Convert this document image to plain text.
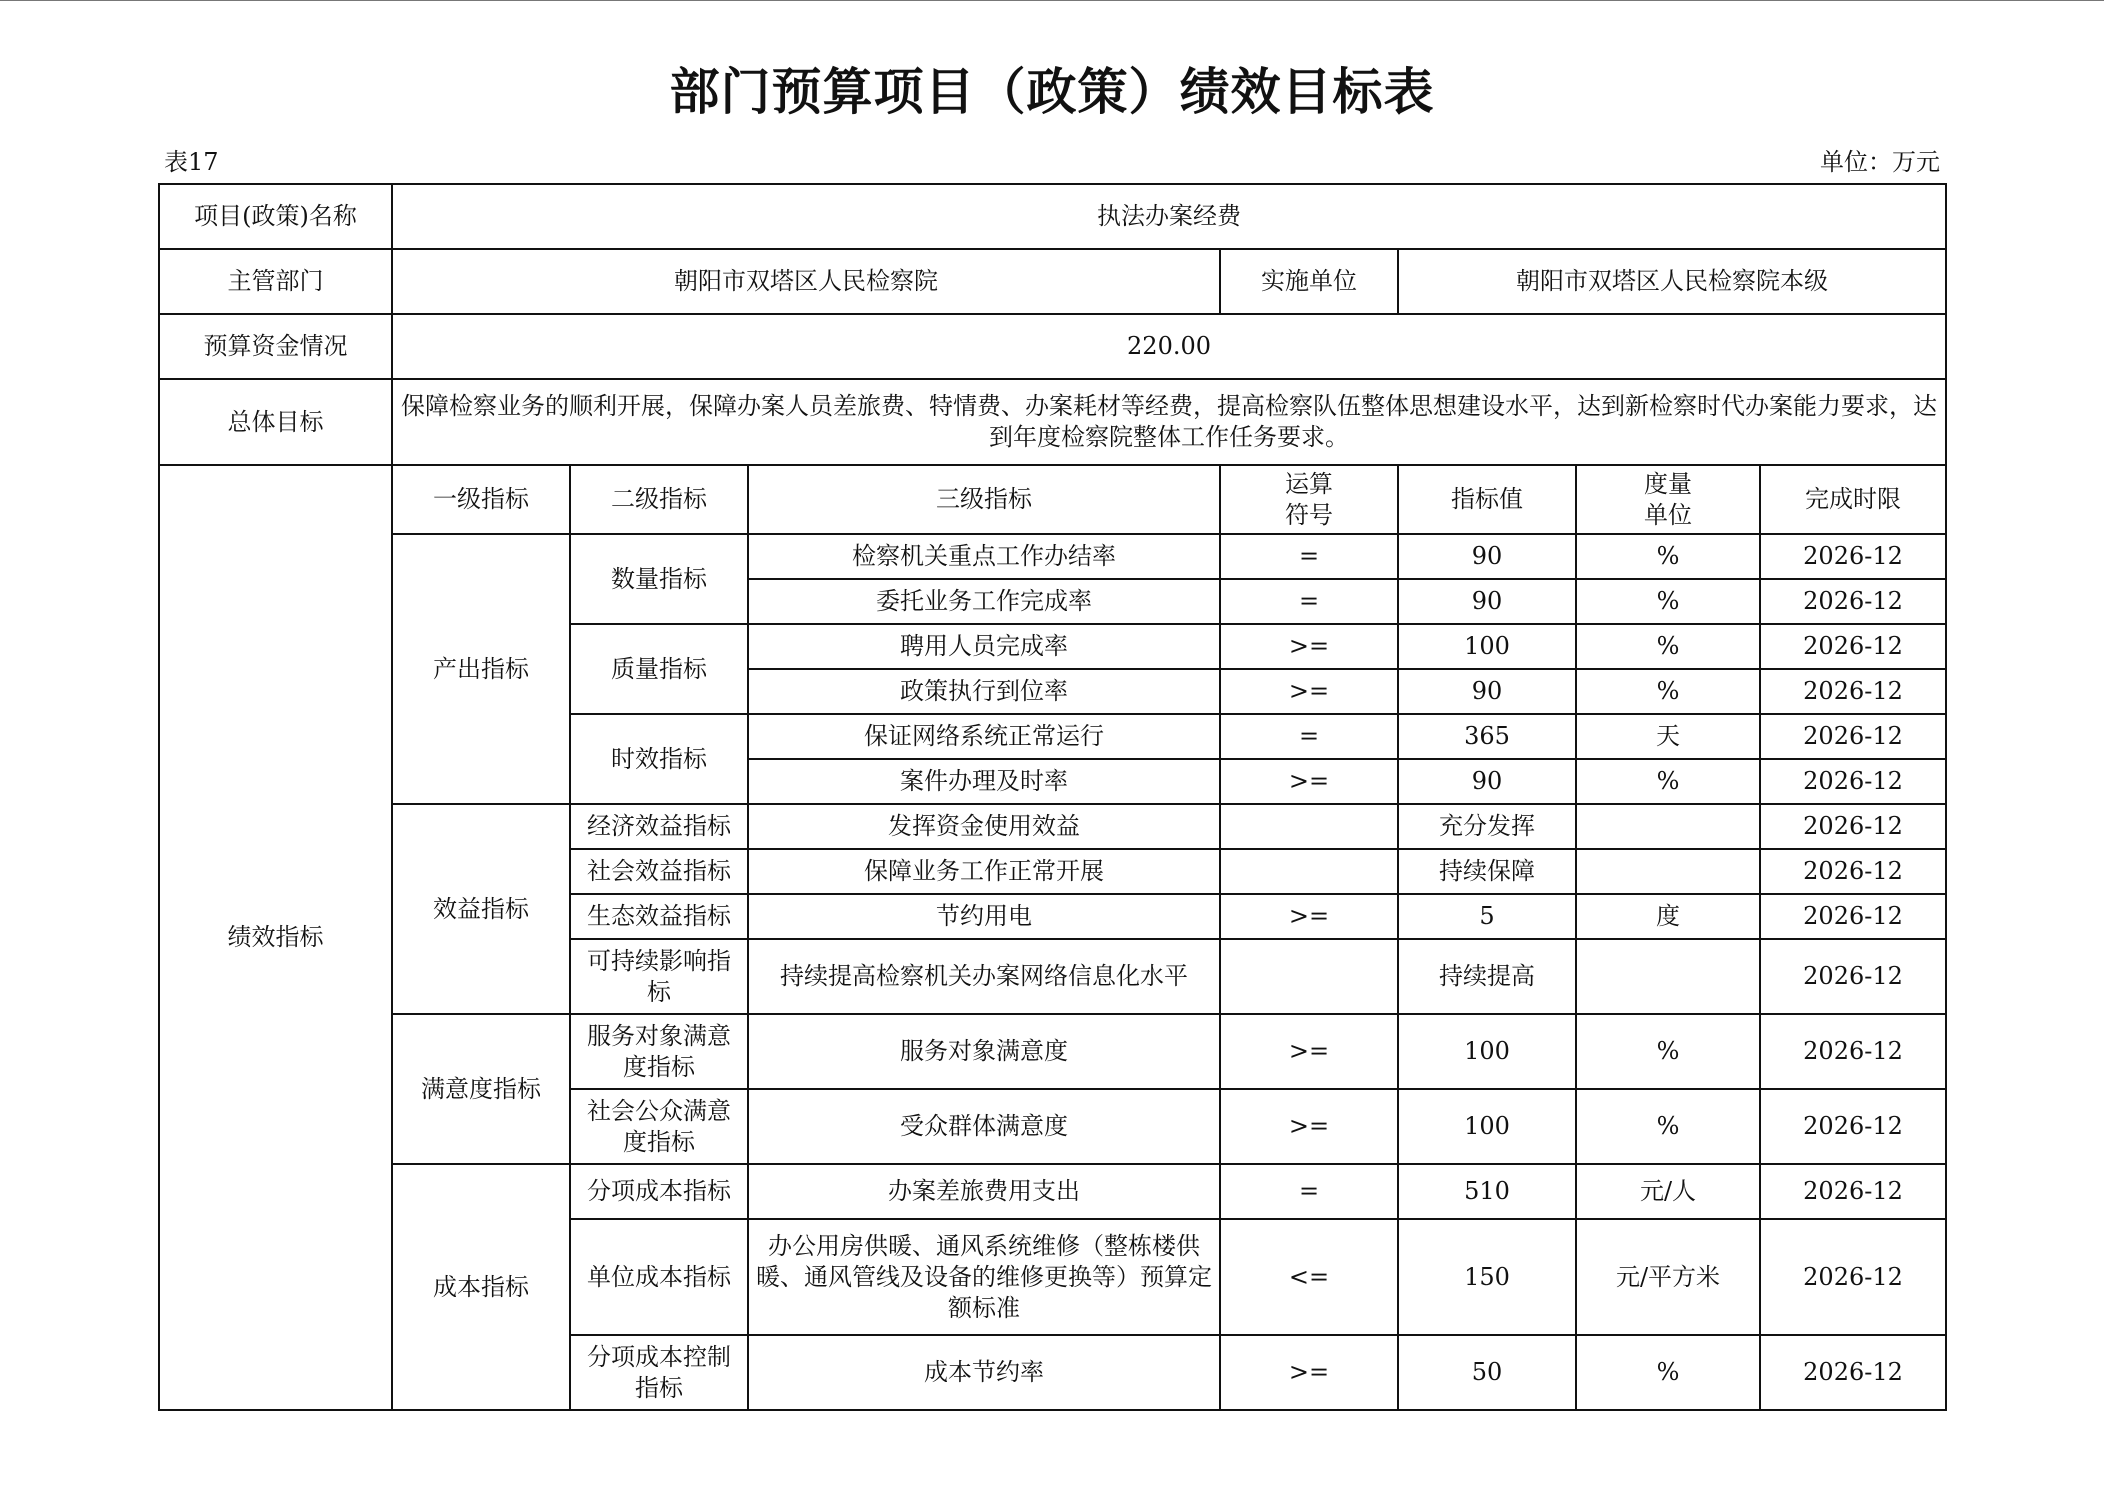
部门预算项目（政策）绩效目标表
表17	单位：万元
项目(政策)名称	执法办案经费						
主管部门	朝阳市双塔区人民检察院			实施单位	朝阳市双塔区人民检察院本级		
预算资金情况	220.00						
总体目标	保障检察业务的顺利开展，保障办案人员差旅费、特情费、办案耗材等经费，提高检察队伍整体思想建设水平，达到新检察时代办案能力要求，达到年度检察院整体工作任务要求。						
绩效指标	一级指标	二级指标	三级指标	运算符号	指标值	度量单位	完成时限
	产出指标	数量指标	检察机关重点工作办结率	=	90	%	2026-12
			委托业务工作完成率	=	90	%	2026-12
		质量指标	聘用人员完成率	>=	100	%	2026-12
			政策执行到位率	>=	90	%	2026-12
		时效指标	保证网络系统正常运行	=	365	天	2026-12
			案件办理及时率	>=	90	%	2026-12
	效益指标	经济效益指标	发挥资金使用效益		充分发挥		2026-12
		社会效益指标	保障业务工作正常开展		持续保障		2026-12
		生态效益指标	节约用电	>=	5	度	2026-12
		可持续影响指标	持续提高检察机关办案网络信息化水平		持续提高		2026-12
	满意度指标	服务对象满意度指标	服务对象满意度	>=	100	%	2026-12
		社会公众满意度指标	受众群体满意度	>=	100	%	2026-12
	成本指标	分项成本指标	办案差旅费用支出	=	510	元/人	2026-12
		单位成本指标	办公用房供暖、通风系统维修（整栋楼供暖、通风管线及设备的维修更换等）预算定额标准	<=	150	元/平方米	2026-12
		分项成本控制指标	成本节约率	>=	50	%	2026-12
